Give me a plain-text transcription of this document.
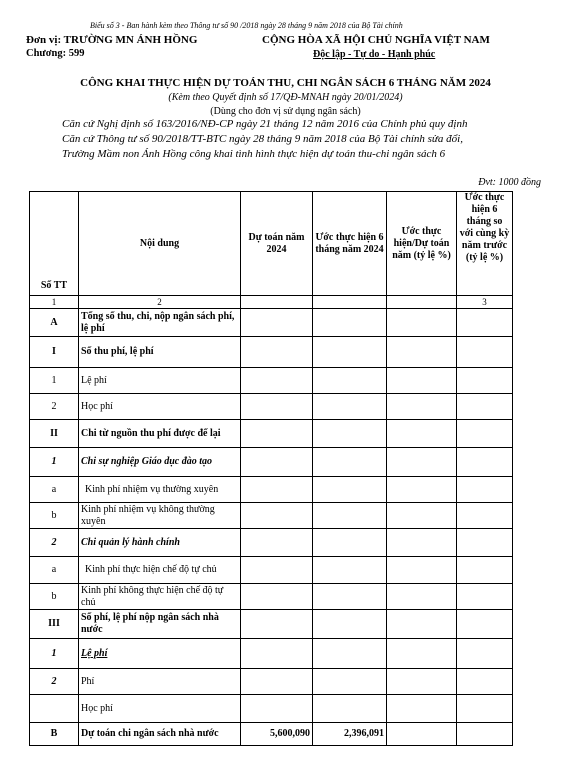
Biểu số 3 - Ban hành kèm theo Thông tư số 90 /2018 ngày 28 tháng 9 năm 2018 của Bộ Tài chính
Đơn vị: TRƯỜNG MN ÁNH HỒNG
Chương: 599
CỘNG HÒA XÃ HỘI CHỦ NGHĨA VIỆT NAM
Độc lập - Tự do - Hạnh phúc
CÔNG KHAI THỰC HIỆN DỰ TOÁN THU, CHI NGÂN SÁCH 6 THÁNG NĂM 2024
(Kèm theo Quyết định số 17/QĐ-MNAH ngày 20/01/2024)
(Dùng cho đơn vị sử dụng ngân sách)
Căn cứ Nghị định số 163/2016/NĐ-CP ngày 21 tháng 12 năm 2016 của Chính phủ quy định
Căn cứ Thông tư số 90/2018/TT-BTC ngày 28 tháng 9 năm 2018 của Bộ Tài chính sửa đổi,
Trường Mầm non Ánh Hồng công khai tình hình thực hiện dự toán thu-chi ngân sách 6
Đvt: 1000 đồng
Số TT	Nội dung	Dự toán năm 2024	Ước thực hiện 6 tháng năm 2024	Ước thực hiện/Dự toán năm (tỷ lệ %)	Ước thực hiện 6 tháng so với cùng kỳ năm trước (tỷ lệ %)
1	2				3
A	Tổng số thu, chi, nộp ngân sách phí, lệ phí				
I	Số thu phí, lệ phí				
1	Lệ phí				
2	Học phí				
II	Chi từ nguồn thu phí được để lại				
1	Chi sự nghiệp Giáo dục đào tạo				
a	Kinh phí nhiệm vụ thường xuyên				
b	Kinh phí nhiệm vụ không thường xuyên				
2	Chi quản lý hành chính				
a	Kinh phí thực hiện chế độ tự chủ				
b	Kinh phí không thực hiện chế độ tự chủ				
III	Số phí, lệ phí nộp ngân sách nhà nước				
1	Lệ phí				
2	Phí				
	Học phí				
B	Dự toán chi ngân sách nhà nước	5,600,090	2,396,091		
